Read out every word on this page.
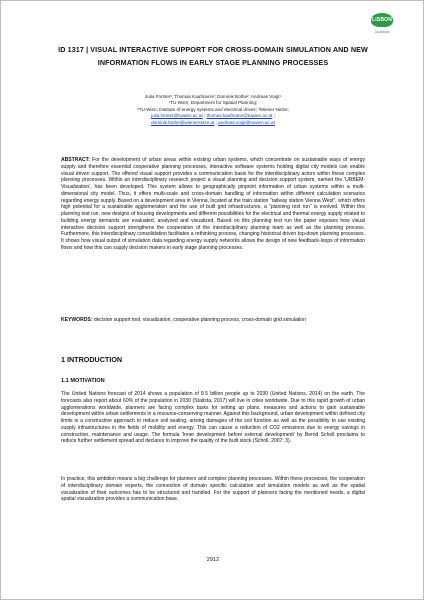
LISBON
ULisboa
ID 1317 | VISUAL INTERACTIVE SUPPORT FOR CROSS-DOMAIN SIMULATION AND NEW INFORMATION FLOWS IN EARLY STAGE PLANNING PROCESSES
Julia Forster¹; Thomas Kaufmann²; Dominik Bothe²; Andreas Voigt¹
¹TU Wien; Department for Spatial Planning;
²TU Wien; Institute of energy systems and electrical drives; ³Wiener Netze;
julia.forster@tuwien.ac.at ; thomas.kaufmann@tuwien.ac.at ;
dominik.bothe@wienernetze.at ; andreas.voigt@tuwien.ac.at

ABSTRACT: For the development of urban areas within existing urban systems, which concentrate on sustainable ways of energy supply and therefore essential cooperative planning processes, interactive software systems holding digital city models can enable visual driven support. The offered visual support provides a communication basis for the interdisciplinary actors within these complex planning processes. Within an interdisciplinary research project a visual planning and decision support system, named the 'URBEM-Visualization', has been developed. This system allows to geographically pinpoint information of urban systems within a multi-dimensional city model. Thus, it offers multi-scale and cross-domain handling of information within different calculation scenarios regarding energy supply. Based on a development area in Vienna, located at the train station "railway station Vienna West", which offers high potential for a sustainable agglomeration and the use of built grid infrastructures, a "planning test run" is evolved. Within this planning test run, new designs of housing developments and different possibilities for the electrical and thermal energy supply related to building energy demands are evaluated, analyzed and visualized. Based on this planning test run the paper exposes how visual interactive decision support strengthens the cooperation of the interdisciplinary planning team as well as the planning process. Furthermore, this interdisciplinary consolidation facilitates a rethinking process, changing historical driven top-down planning processes. It shows how visual output of simulation data regarding energy supply networks allows the design of new feedback-loops of information flows and how this can supply decision makers in early stage planning processes.

KEYWORDS: decision support tool, visualization, cooperative planning process, cross-domain grid simulation

1 INTRODUCTION
1.1 MOTIVATION

The United Nations forecast of 2014 shows a population of 8.5 billion people up to 2030 (United Nations, 2014) on the earth. The forecasts also report about 60% of the population in 2030 (Statista, 2017) will live in cities worldwide. Due to this rapid growth of urban agglomerations worldwide, planners are facing complex tasks for setting up plans, measures and actions to gain sustainable development within urban settlements in a resource-conserving manner. Against this background, urban development within defined city limits is a constructive approach to reduce soil sealing, arising damages of the soil function as well as the possibility to use existing supply infrastructures in the fields of mobility and energy. This can cause a reduction of CO2 emissions due to energy savings in construction, maintenance and usage. The formula 'Inner development before external development' by Bernd Scholl proclaims to reduce further settlement spread and declares to improve the quality of the built stock (Scholl, 2007: 3).

In practice, this ambition means a big challenge for planners and complex planning processes. Within these processes, the cooperation of interdisciplinary domain experts, the connection of domain specific calculation and simulation models as well as the spatial visualization of their outcomes has to be structured and handled. For the support of planners facing the mentioned needs, a digital spatial visualization provides a communication base.

2912
